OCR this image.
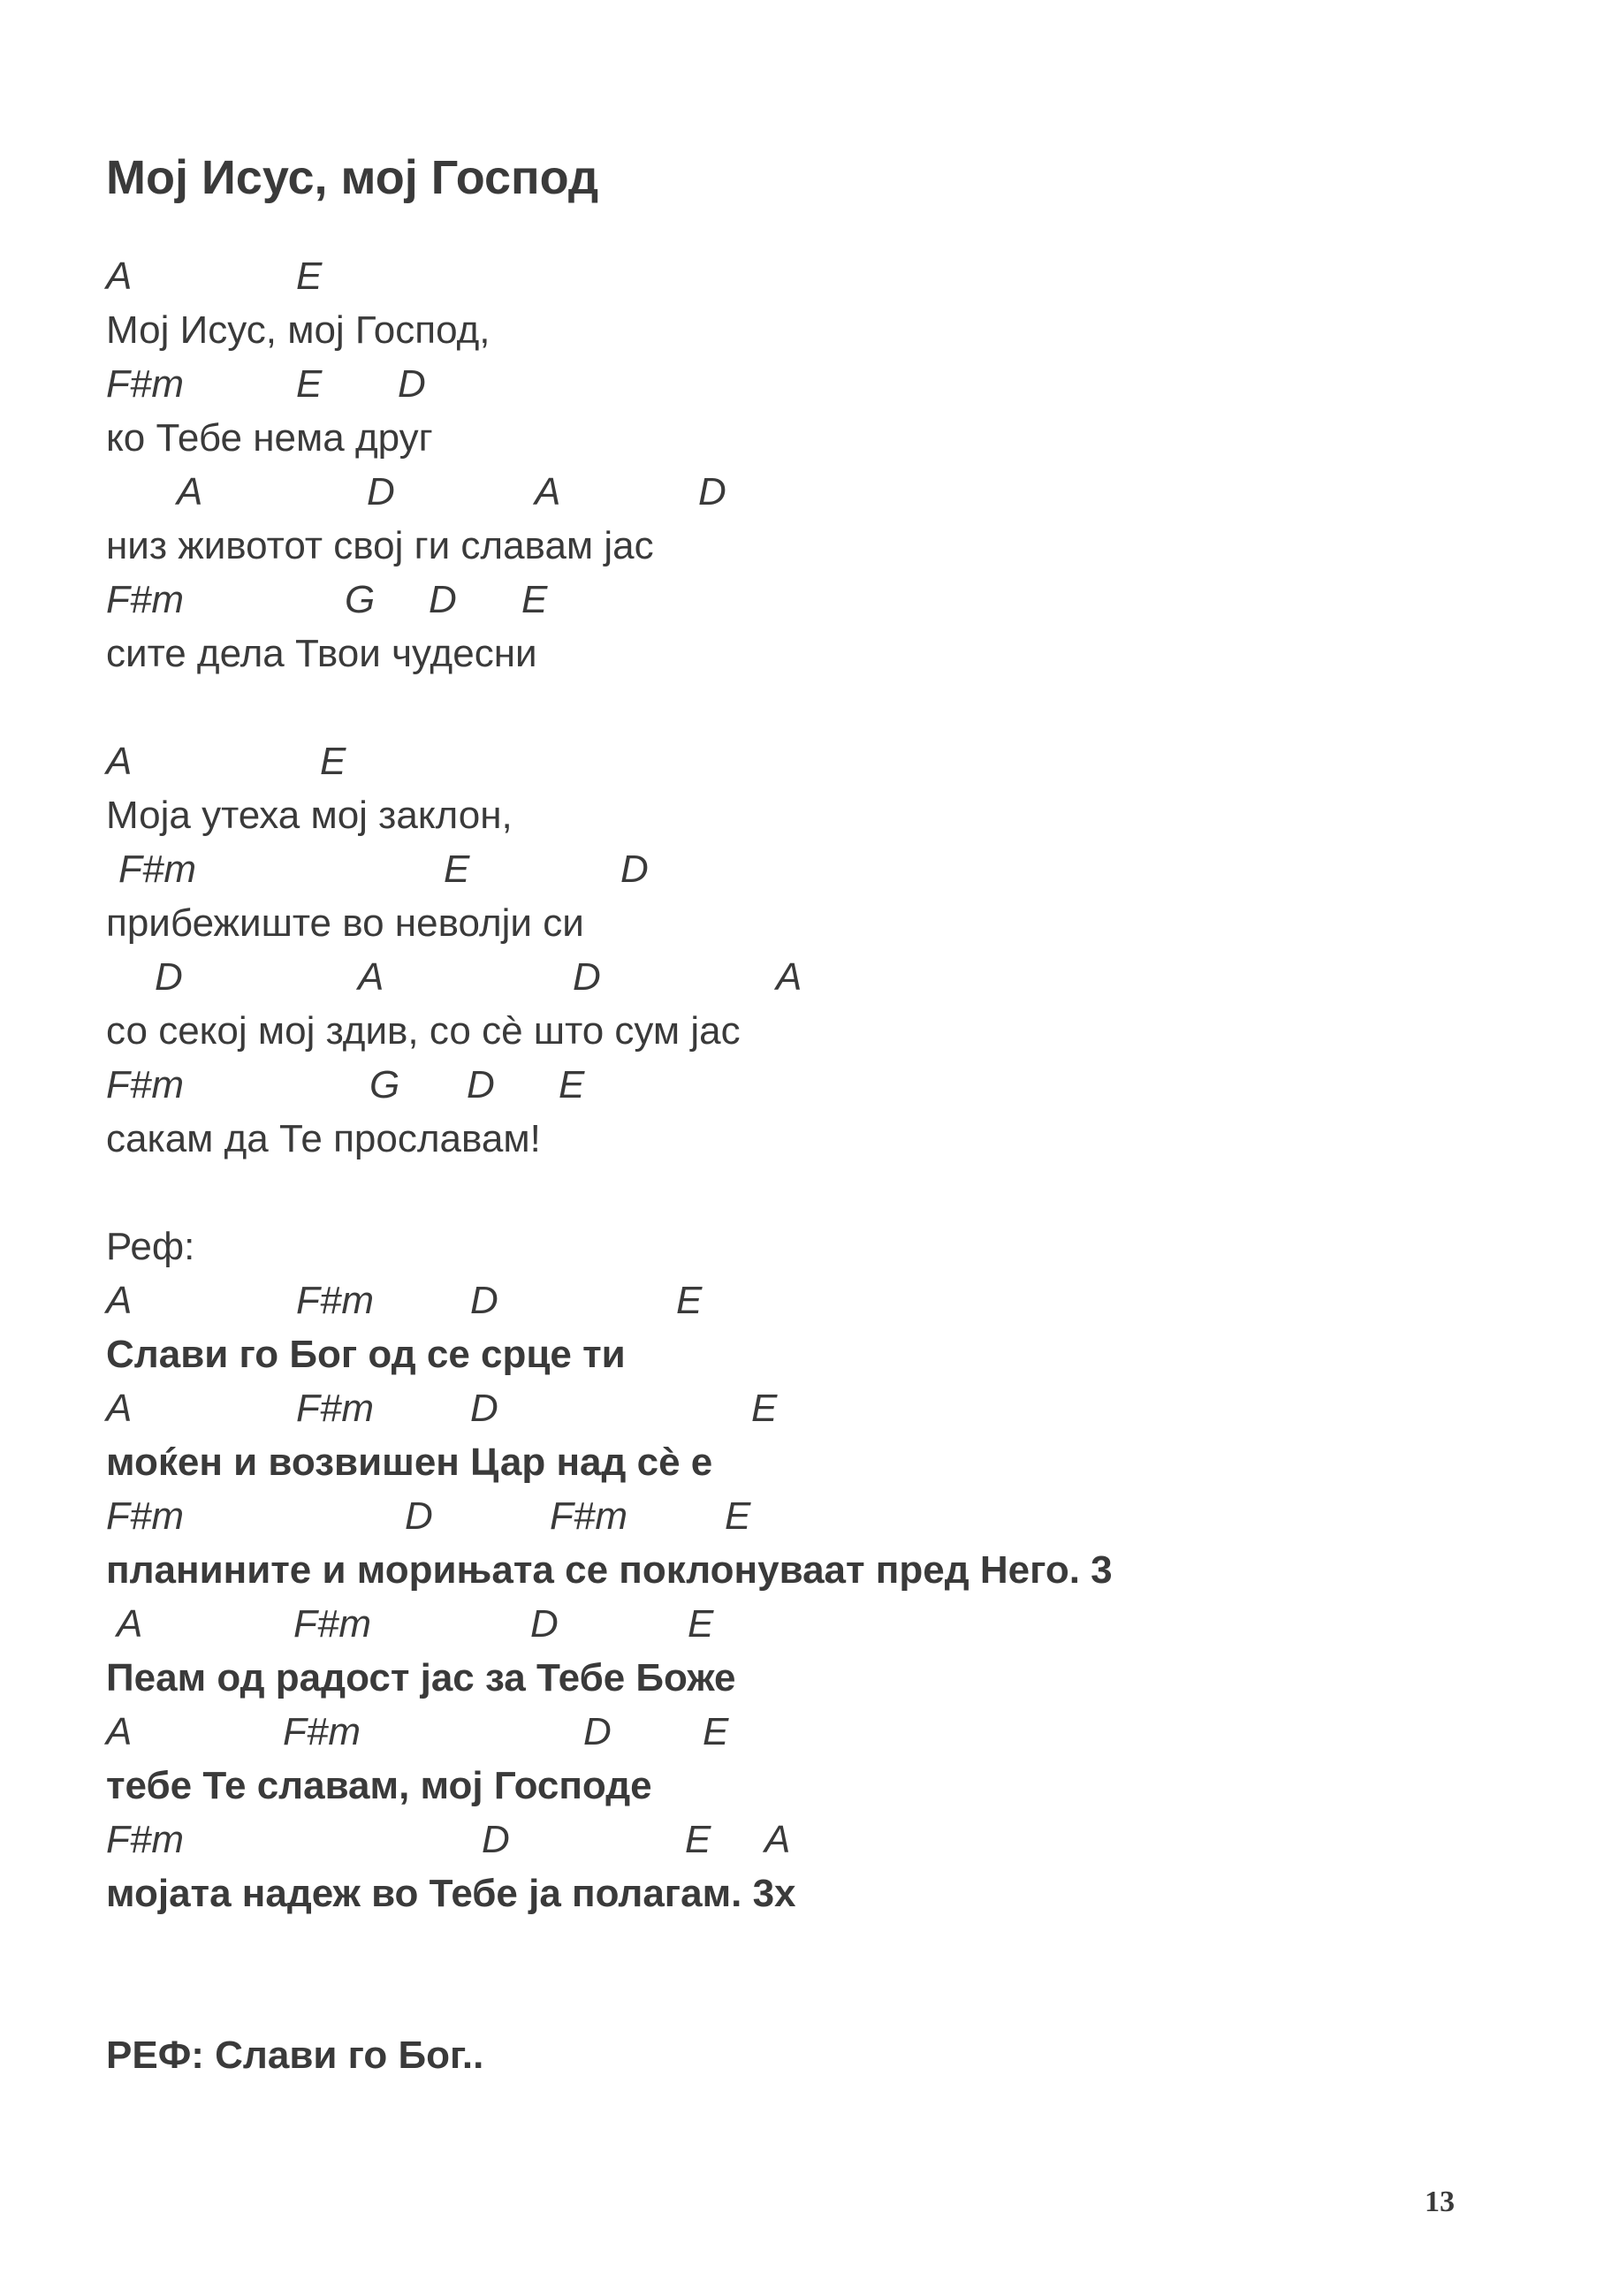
Мој Исус, мој Господ
A	E
Мој Исус, мој Господ,
F#m	E D
ко Тебе нема друг
A	D	A	D
низ животот свој ги славам јас
F#m	G D E
сите дела Твои чудесни
A	E
Моја утеха мој заклон,
F#m	E	D
прибежиште во неволји си
D	A	D	A
со секој мој здив, со сѐ што сум јас
F#m	G D E
сакам да Те прославам!
Реф:
A	F#m D	E
Слави го Бог од се срце ти
A	F#m D	E
моќен и возвишен Цар над сѐ е
F#m	D	F#m	E
планините и морињата се поклонуваат пред Него. 3
A	F#m	D	E
Пеам од радост јас за Тебе Боже
A	F#m	D E
тебе Те славам, мој Господе
F#m	D	E A
мојата надеж во Тебе ја полагам. 3х
РЕФ: Слави го Бог..
13
